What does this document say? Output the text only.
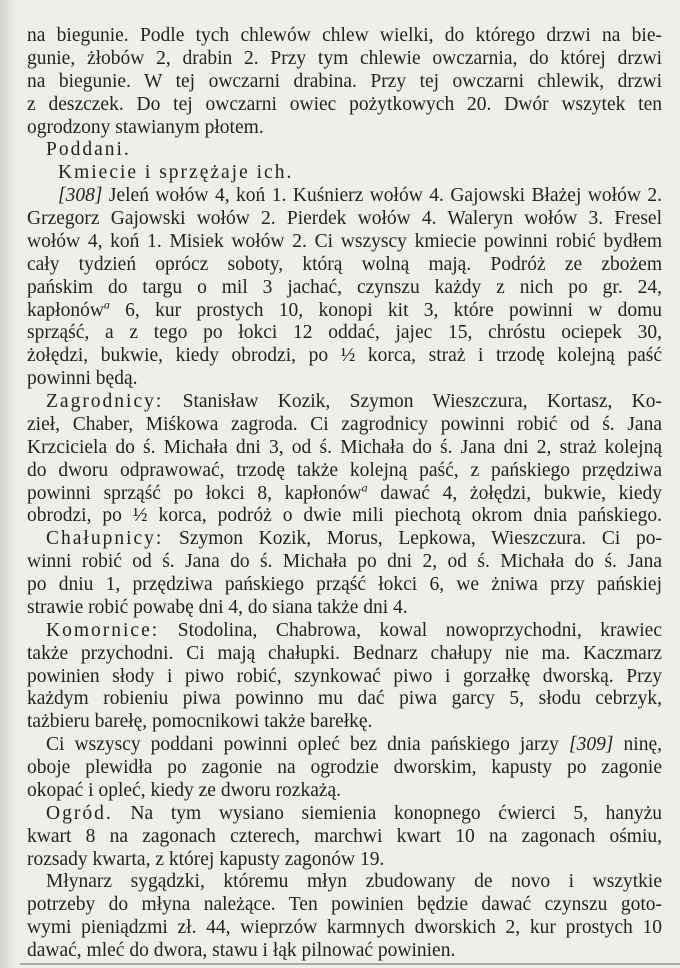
na biegunie. Podle tych chlewów chlew wielki, do którego drzwi na bie-
gunie, żłobów 2, drabin 2. Przy tym chlewie owczarnia, do której drzwi
na biegunie. W tej owczarni drabina. Przy tej owczarni chlewik, drzwi
z deszczek. Do tej owczarni owiec pożytkowych 20. Dwór wszytek ten
ogrodzony stawianym płotem.
Poddani.
Kmiecie i sprzężaje ich.
[308] Jeleń wołów 4, koń 1. Kuśnierz wołów 4. Gajowski Błażej wołów 2.
Grzegorz Gajowski wołów 2. Pierdek wołów 4. Waleryn wołów 3. Fresel
wołów 4, koń 1. Misiek wołów 2. Ci wszyscy kmiecie powinni robić bydłem
cały tydzień oprócz soboty, którą wolną mają. Podróż ze zbożem
pańskim do targu o mil 3 jachać, czynszu każdy z nich po gr. 24,
kapłonów$^a$ 6, kur prostych 10, konopi kit 3, które powinni w domu
sprząść, a z tego po łokci 12 oddać, jajec 15, chróstu ociepek 30,
żołędzi, bukwie, kiedy obrodzi, po ½ korca, straż i trzodę kolejną paść
powinni będą.
Zagrodnicy: Stanisław Kozik, Szymon Wieszczura, Kortasz, Ko-
zieł, Chaber, Miśkowa zagroda. Ci zagrodnicy powinni robić od ś. Jana
Krzciciela do ś. Michała dni 3, od ś. Michała do ś. Jana dni 2, straż kolejną
do dworu odprawować, trzodę także kolejną paść, z pańskiego przędziwa
powinni sprząść po łokci 8, kapłonów$^a$ dawać 4, żołędzi, bukwie, kiedy
obrodzi, po ½ korca, podróż o dwie mili piechotą okrom dnia pańskiego.
Chałupnicy: Szymon Kozik, Morus, Lepkowa, Wieszczura. Ci po-
winni robić od ś. Jana do ś. Michała po dni 2, od ś. Michała do ś. Jana
po dniu 1, przędziwa pańskiego prząść łokci 6, we żniwa przy pańskiej
strawie robić powabę dni 4, do siana także dni 4.
Komornice: Stodolina, Chabrowa, kowal nowoprzychodni, krawiec
także przychodni. Ci mają chałupki. Bednarz chałupy nie ma. Kaczmarz
powinien słody i piwo robić, szynkować piwo i gorzałkę dworską. Przy
każdym robieniu piwa powinno mu dać piwa garcy 5, słodu cebrzyk,
tażbieru barełę, pomocnikowi także barełkę.
Ci wszyscy poddani powinni opleć bez dnia pańskiego jarzy [309] ninę,
oboje plewidła po zagonie na ogrodzie dworskim, kapusty po zagonie
okopać i opleć, kiedy ze dworu rozkażą.
Ogród. Na tym wysiano siemienia konopnego ćwierci 5, hanyżu
kwart 8 na zagonach czterech, marchwi kwart 10 na zagonach ośmiu,
rozsady kwarta, z której kapusty zagonów 19.
Młynarz sygądzki, któremu młyn zbudowany de novo i wszytkie
potrzeby do młyna należące. Ten powinien będzie dawać czynszu goto-
wymi pieniądzmi zł. 44, wieprzów karmnych dworskich 2, kur prostych 10
dawać, mleć do dwora, stawu i łąk pilnować powinien.
